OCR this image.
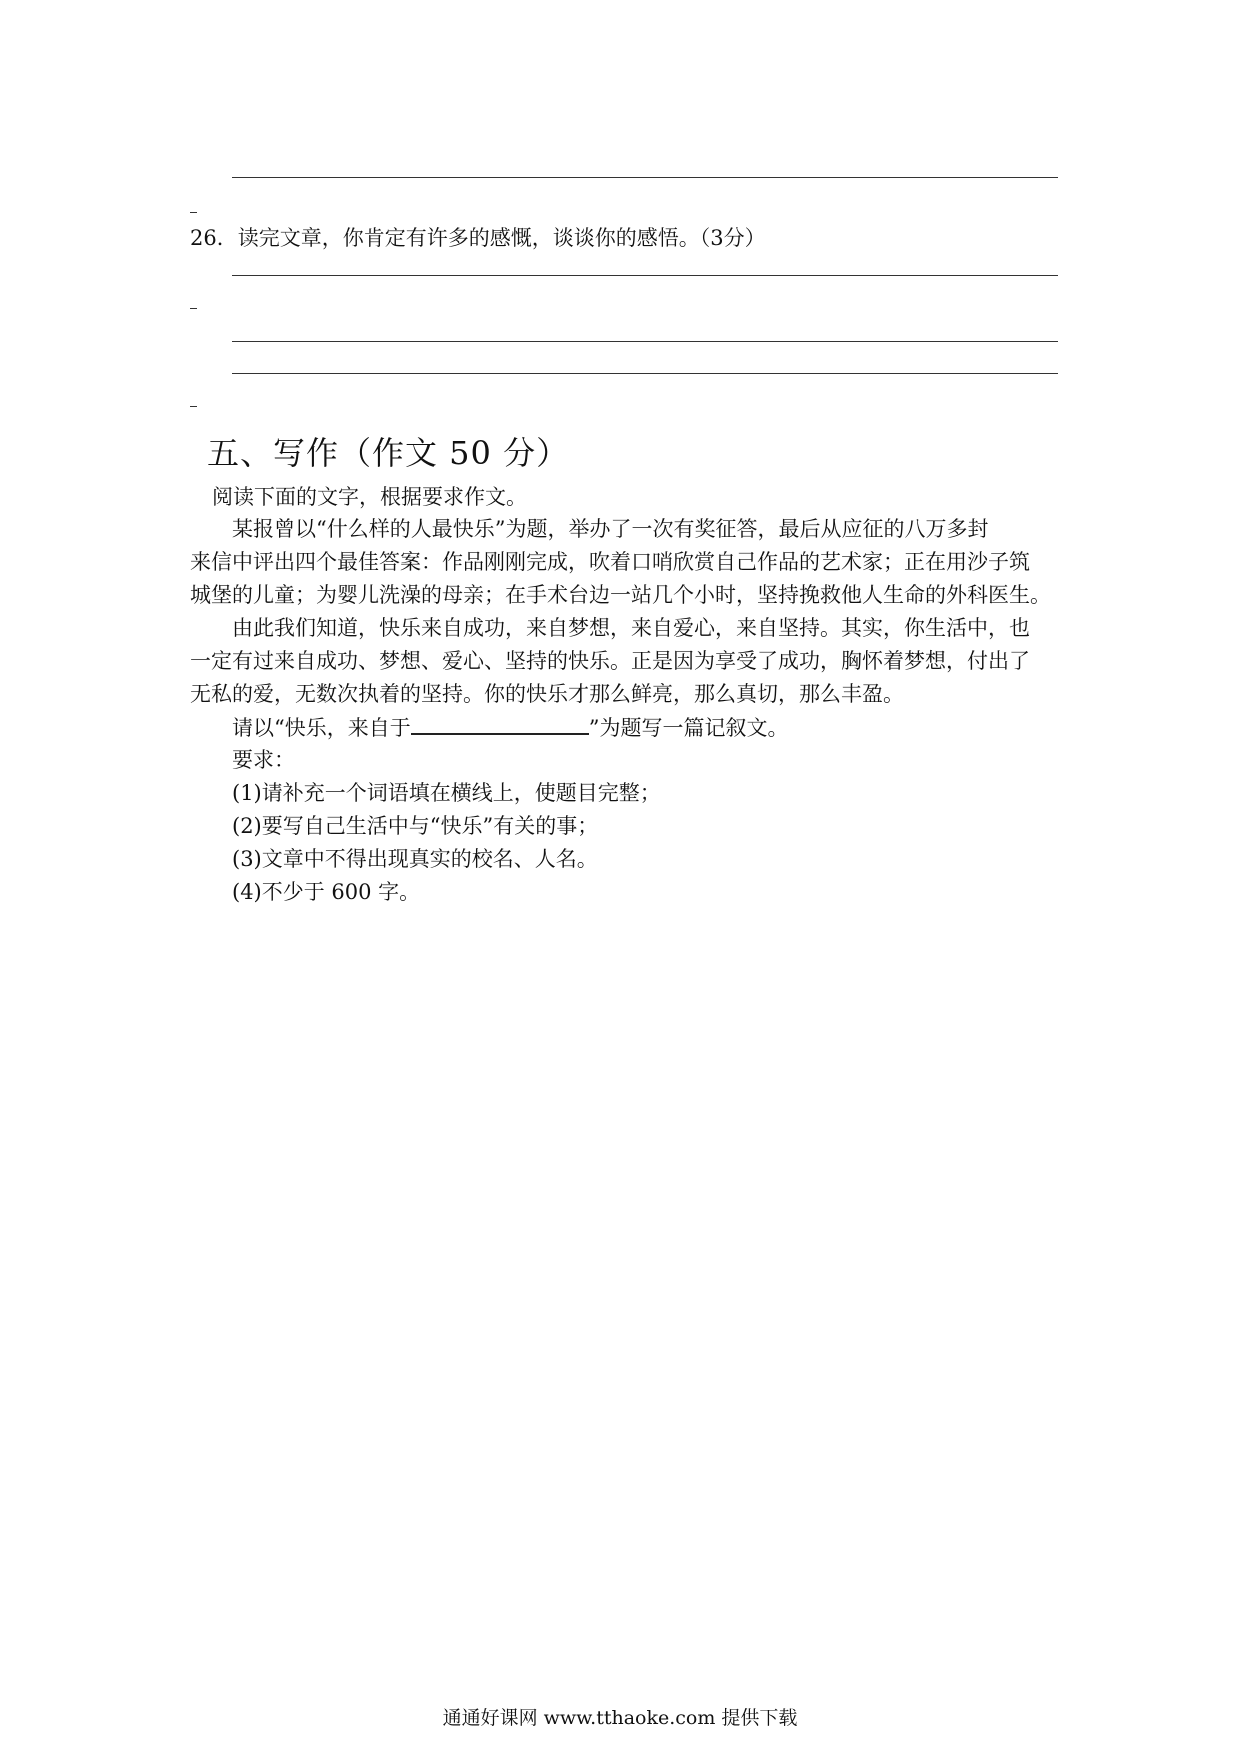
26．读完文章，你肯定有许多的感慨，谈谈你的感悟。（3分）
五、写作（作文 50 分）
阅读下面的文字，根据要求作文。
某报曾以“什么样的人最快乐”为题，举办了一次有奖征答，最后从应征的八万多封
来信中评出四个最佳答案：作品刚刚完成，吹着口哨欣赏自己作品的艺术家；正在用沙子筑
城堡的儿童；为婴儿洗澡的母亲；在手术台边一站几个小时，坚持挽救他人生命的外科医生。
由此我们知道，快乐来自成功，来自梦想，来自爱心，来自坚持。其实，你生活中，也
一定有过来自成功、梦想、爱心、坚持的快乐。正是因为享受了成功，胸怀着梦想，付出了
无私的爱，无数次执着的坚持。你的快乐才那么鲜亮，那么真切，那么丰盈。
请以“快乐，来自于	”为题写一篇记叙文。
要求：
(1)请补充一个词语填在横线上，使题目完整；
(2)要写自己生活中与“快乐”有关的事；
(3)文章中不得出现真实的校名、人名。
(4)不少于 600 字。
通通好课网 www.tthaoke.com 提供下载
